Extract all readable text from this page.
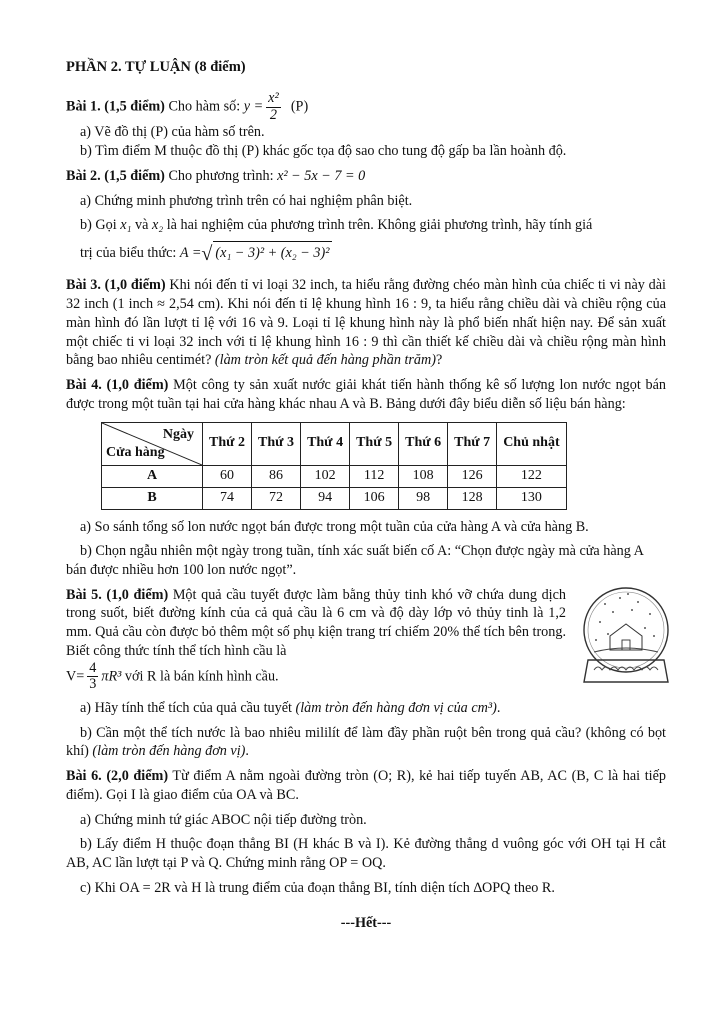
PHẦN 2. TỰ LUẬN (8 điểm)

Bài 1. (1,5 điểm) Cho hàm số: $y = \frac{\text{x²}}{2} (P)$

a) Vẽ đồ thị (P) của hàm số trên.

b) Tìm điểm M thuộc đồ thị (P) khác gốc tọa độ sao cho tung độ gấp ba lần hoành độ.

Bài 2. (1,5 điểm) Cho phương trình: x² − 5x − 7 = 0

a) Chứng minh phương trình trên có hai nghiệm phân biệt.

b) Gọi x₁ và x₂ là hai nghiệm của phương trình trên. Không giải phương trình, hãy tính giá

trị của biểu thức: A =√ (x₁ − 3)² + (x₂ − 3)²

Bài 3. (1,0 điểm) Khi nói đến tỉ vi loại 32 inch, ta hiểu rằng đường chéo màn hình của chiếc ti vi này dài 32 inch (1 inch ≈ 2,54 cm). Khi nói đến tỉ lệ khung hình 16 : 9, ta hiểu rằng chiều dài và chiều rộng của màn hình đó lần lượt tỉ lệ với 16 và 9. Loại tỉ lệ khung hình này là phổ biến nhất hiện nay. Để sản xuất một chiếc ti vi loại 32 inch với tỉ lệ khung hình 16 : 9 thì cần thiết kế chiều dài và chiều rộng màn hình bằng bao nhiêu centimét? (làm tròn kết quả đến hàng phần trăm)?

Bài 4. (1,0 điểm) Một công ty sản xuất nước giải khát tiến hành thống kê số lượng lon nước ngọt bán được trong một tuần tại hai cửa hàng khác nhau A và B. Bảng dưới đây biểu diễn số liệu bán hàng:

Ngày
Cửa hàng	Thứ 2	Thứ 3	Thứ 4	Thứ 5	Thứ 6	Thứ 7	Chủ nhật
A	60	86	102	112	108	126	122
B	74	72	94	106	98	128	130

a) So sánh tổng số lon nước ngọt bán được trong một tuần của cửa hàng A và cửa hàng B.

b) Chọn ngẫu nhiên một ngày trong tuần, tính xác suất biến cố A: “Chọn được ngày mà cửa hàng A bán được nhiều hơn 100 lon nước ngọt”.

Bài 5. (1,0 điểm) Một quả cầu tuyết được làm bằng thủy tinh khó vỡ chứa dung dịch trong suốt, biết đường kính của cả quả cầu là 6 cm và độ dày lớp vỏ thủy tinh là 1,2 mm. Quả cầu còn được bỏ thêm một số phụ kiện trang trí chiếm 20% thể tích bên trong. Biết công thức tính thể tích hình cầu là

$V= \frac{4}{3} \pi R^3$ với R là bán kính hình cầu.

a) Hãy tính thể tích của quả cầu tuyết (làm tròn đến hàng đơn vị của cm³).

b) Cần một thể tích nước là bao nhiêu mililít để làm đầy phần ruột bên trong quả cầu? (không có bọt khí) (làm tròn đến hàng đơn vị).

Bài 6. (2,0 điểm) Từ điểm A nằm ngoài đường tròn (O; R), kẻ hai tiếp tuyến AB, AC (B, C là hai tiếp điểm). Gọi I là giao điểm của OA và BC.

a) Chứng minh tứ giác ABOC nội tiếp đường tròn.

b) Lấy điểm H thuộc đoạn thẳng BI (H khác B và I). Kẻ đường thẳng d vuông góc với OH tại H cắt AB, AC lần lượt tại P và Q. Chứng minh rằng OP = OQ.

c) Khi OA = 2R và H là trung điểm của đoạn thẳng BI, tính diện tích ∆OPQ theo R.

---Hết---
